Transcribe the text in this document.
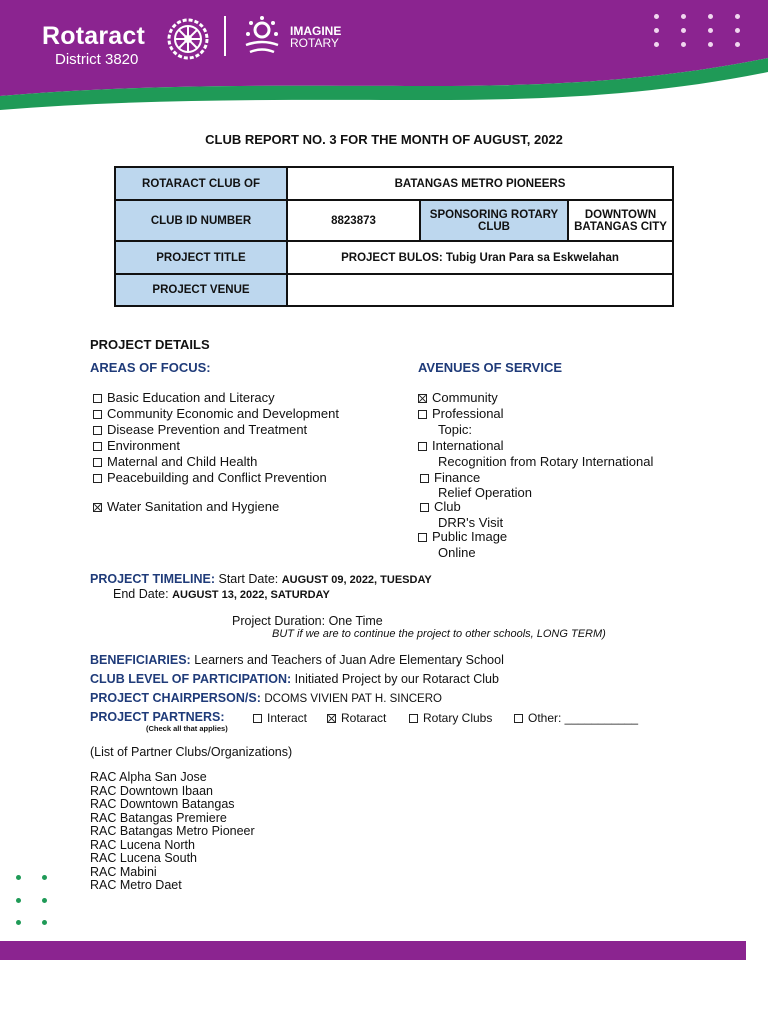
Rotaract
District 3820
IMAGINE
ROTARY
CLUB REPORT NO. 3 FOR THE MONTH OF AUGUST, 2022
ROTARACT CLUB OF	BATANGAS METRO PIONEERS		
CLUB ID NUMBER	8823873	SPONSORING ROTARY CLUB	DOWNTOWN BATANGAS CITY
PROJECT TITLE	PROJECT BULOS: Tubig Uran Para sa Eskwelahan		
PROJECT VENUE			
PROJECT DETAILS
AREAS OF FOCUS:	AVENUES OF SERVICE
Basic Education and Literacy
Community Economic and Development
Disease Prevention and Treatment
Environment
Maternal and Child Health
Peacebuilding and Conflict Prevention
Water Sanitation and Hygiene
Community
Professional
Topic:
International
Recognition from Rotary International
Finance
Relief Operation
Club
DRR's Visit
Public Image
Online
PROJECT TIMELINE: Start Date: AUGUST 09, 2022, TUESDAY
End Date: AUGUST 13, 2022, SATURDAY
Project Duration: One Time
BUT if we are to continue the project to other schools, LONG TERM)
BENEFICIARIES: Learners and Teachers of Juan Adre Elementary School
CLUB LEVEL OF PARTICIPATION: Initiated Project by our Rotaract Club
PROJECT CHAIRPERSON/S: DCOMS VIVIEN PAT H. SINCERO
PROJECT PARTNERS:	Interact	Rotaract	Rotary Clubs	Other: ___________
(Check all that applies)
(List of Partner Clubs/Organizations)
RAC Alpha San Jose
RAC Downtown Ibaan
RAC Downtown Batangas
RAC Batangas Premiere
RAC Batangas Metro Pioneer
RAC Lucena North
RAC Lucena South
RAC Mabini
RAC Metro Daet
